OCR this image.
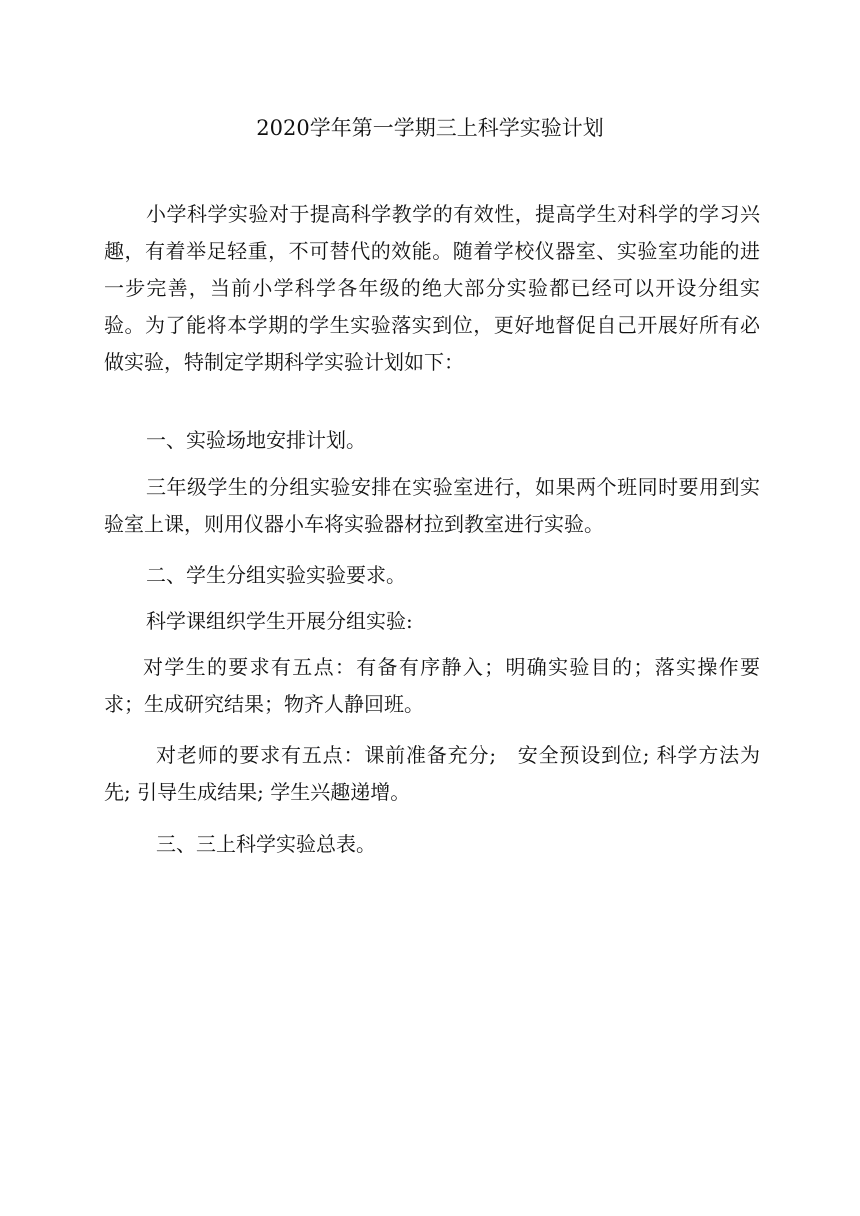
2020学年第一学期三上科学实验计划

小学科学实验对于提高科学教学的有效性，提高学生对科学的学习兴趣，有着举足轻重，不可替代的效能。随着学校仪器室、实验室功能的进一步完善，当前小学科学各年级的绝大部分实验都已经可以开设分组实验。为了能将本学期的学生实验落实到位，更好地督促自己开展好所有必做实验，特制定学期科学实验计划如下：

一、实验场地安排计划。

三年级学生的分组实验安排在实验室进行，如果两个班同时要用到实验室上课，则用仪器小车将实验器材拉到教室进行实验。

二、学生分组实验实验要求。

科学课组织学生开展分组实验:

对学生的要求有五点：有备有序静入；明确实验目的；落实操作要求；生成研究结果；物齐人静回班。

对老师的要求有五点：课前准备充分;　安全预设到位; 科学方法为先; 引导生成结果; 学生兴趣递增。

三、三上科学实验总表。
